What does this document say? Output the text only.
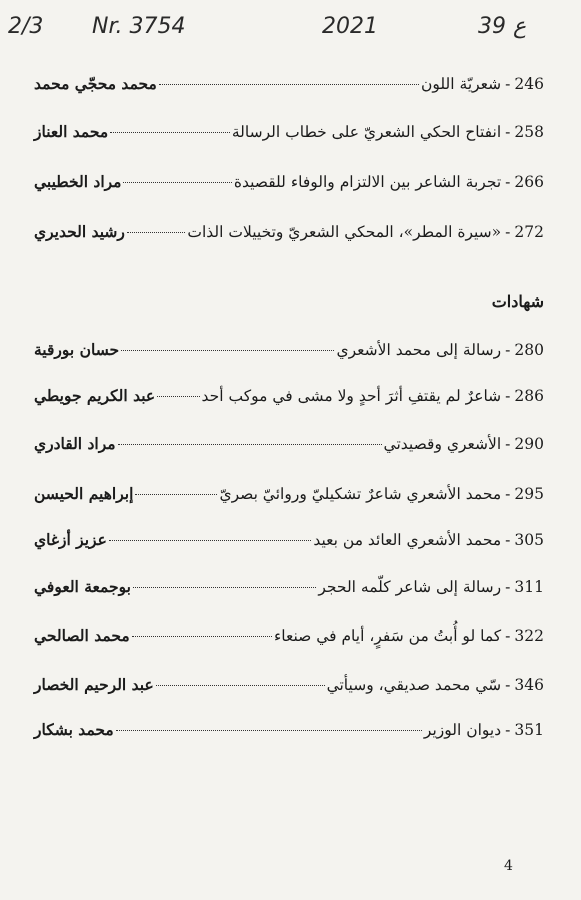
2/3 Nr. 3754	2021	39 ع
246
-
شعريّة اللون
محمد محجّي محمد
258
-
انفتاح الحكي الشعريّ على خطاب الرسالة
محمد العناز
266
-
تجربة الشاعر بين الالتزام والوفاء للقصيدة
مراد الخطيبي
272
-
«سيرة المطر»، المحكي الشعريّ وتخييلات الذات
رشيد الحديري
شهادات
280
-
رسالة إلى محمد الأشعري
حسان بورقية
286
-
شاعرٌ لم يقتفِ أثرَ أحدٍ ولا مشى في موكب أحد
عبد الكريم جويطي
290
-
الأشعري وقصيدتي
مراد القادري
295
-
محمد الأشعري شاعرٌ تشكيليّ وروائيّ بصريّ
إبراهيم الحيسن
305
-
محمد الأشعري العائد من بعيد
عزيز أزغاي
311
-
رسالة إلى شاعر كلّمه الحجر
بوجمعة العوفي
322
-
كما لو أُبتُ من سَفرٍ، أيام في صنعاء
محمد الصالحي
346
-
سّي محمد صديقي، وسيأتي
عبد الرحيم الخصار
351
-
ديوان الوزير
محمد بشكار
4
